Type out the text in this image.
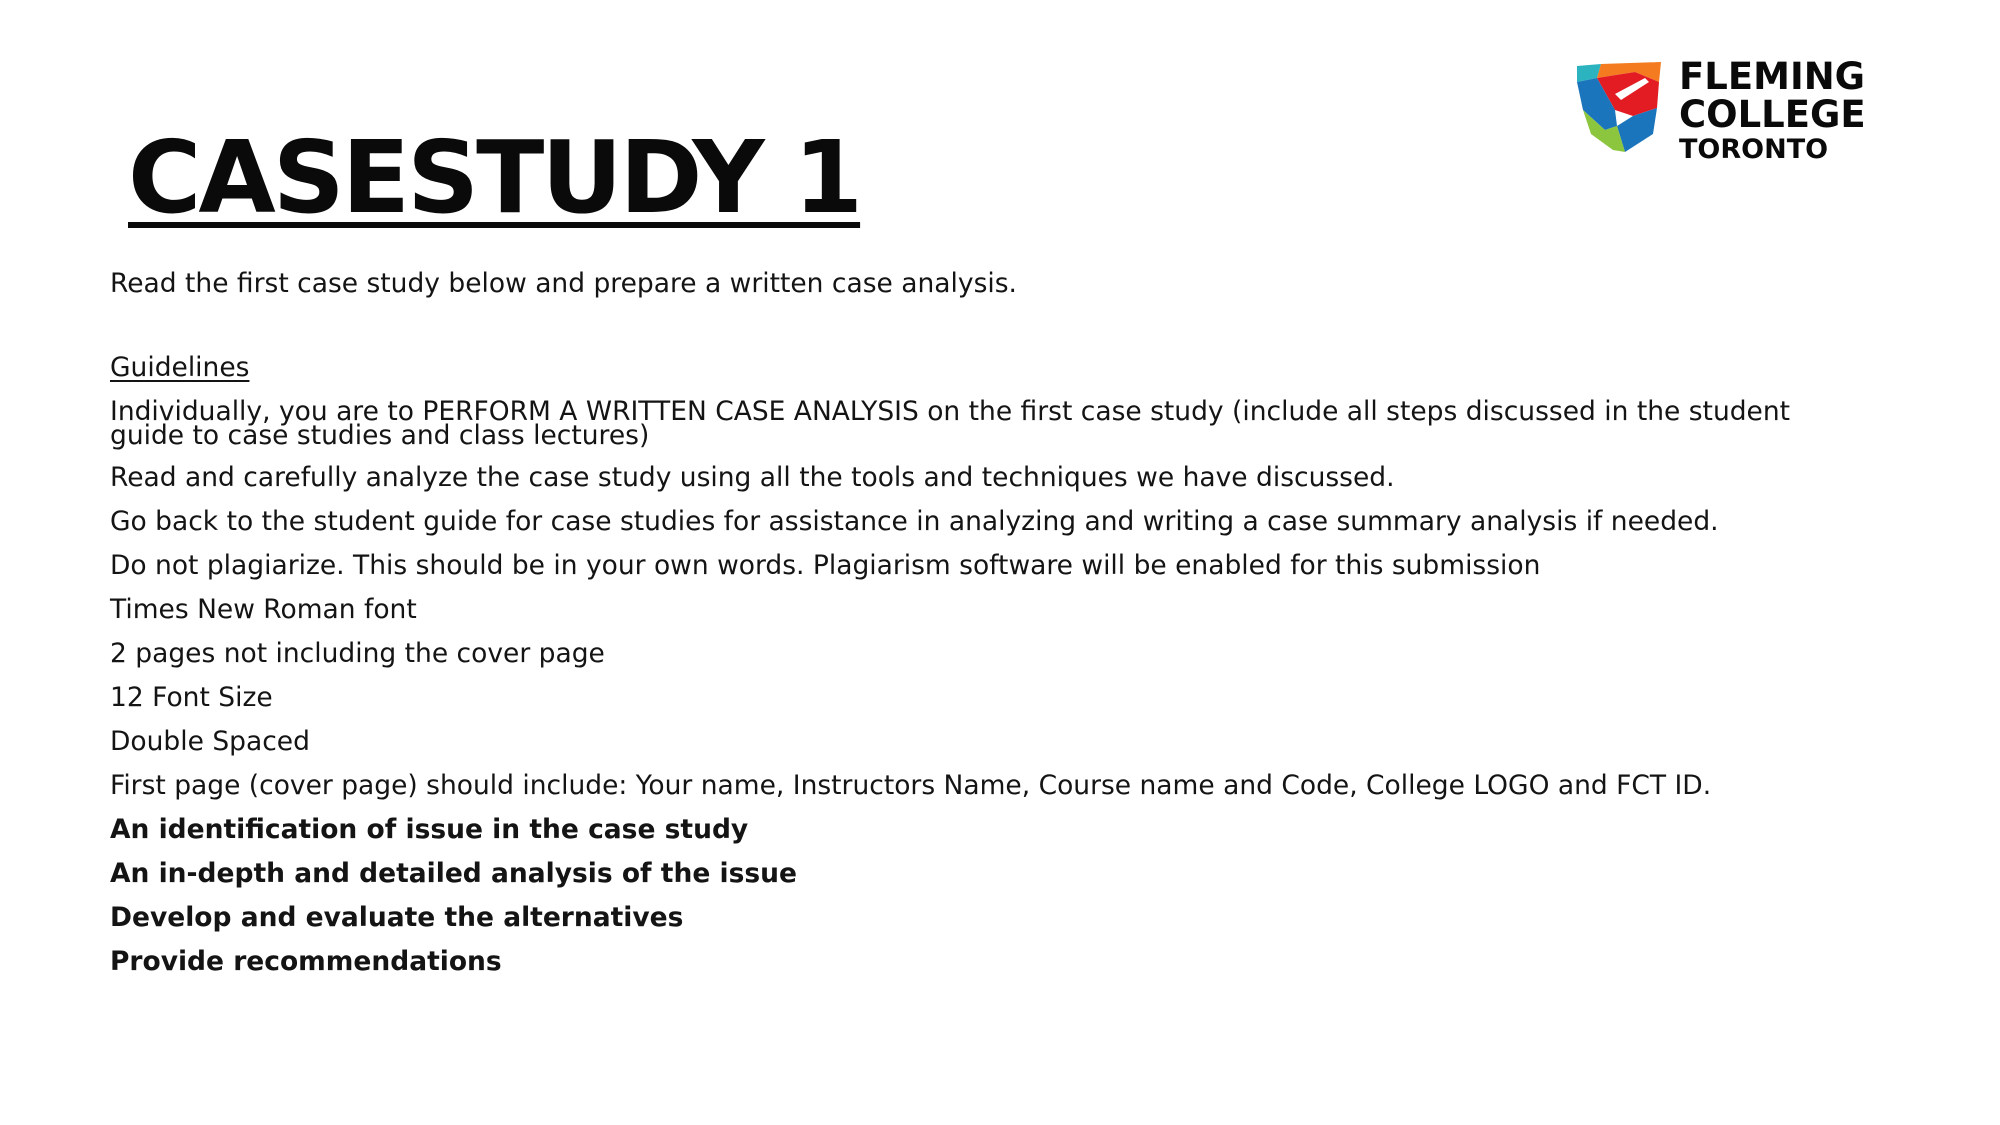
CASESTUDY 1
FLEMING
COLLEGE
TORONTO

Read the first case study below and prepare a written case analysis.

Guidelines

Individually, you are to PERFORM A WRITTEN CASE ANALYSIS on the first case study (include all steps discussed in the student guide to case studies and class lectures)
Read and carefully analyze the case study using all the tools and techniques we have discussed.
Go back to the student guide for case studies for assistance in analyzing and writing a case summary analysis if needed.
Do not plagiarize. This should be in your own words. Plagiarism software will be enabled for this submission
Times New Roman font
2 pages not including the cover page
12 Font Size
Double Spaced
First page (cover page) should include: Your name, Instructors Name, Course name and Code, College LOGO and FCT ID.
An identification of issue in the case study
An in-depth and detailed analysis of the issue
Develop and evaluate the alternatives
Provide recommendations
